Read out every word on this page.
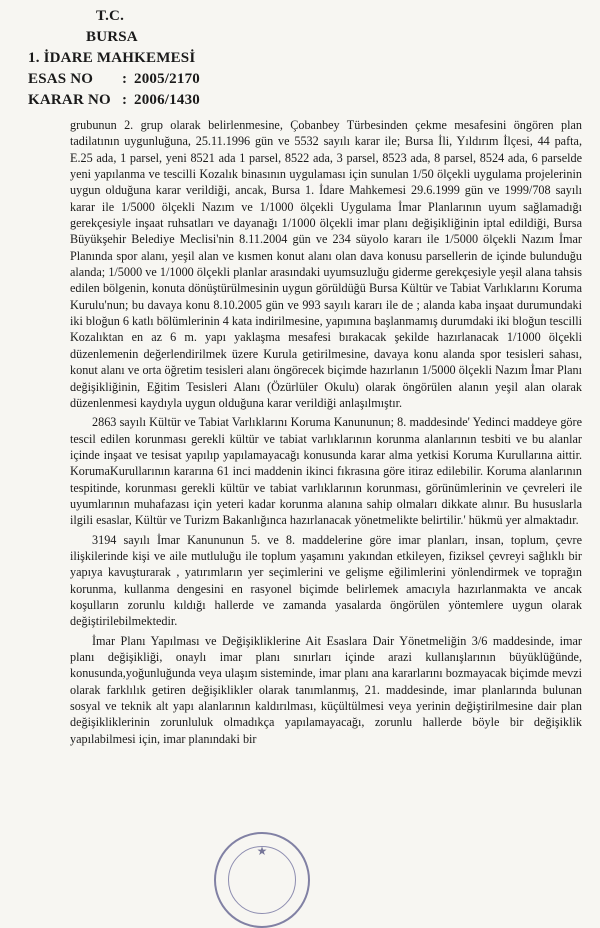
T.C.
BURSA
1. İDARE MAHKEMESİ
ESAS NO	: 2005/2170
KARAR NO : 2006/1430

grubunun 2. grup olarak belirlenmesine, Çobanbey Türbesinden çekme mesafesini öngören plan tadilatının uygunluğuna, 25.11.1996 gün ve 5532 sayılı karar ile; Bursa İli, Yıldırım İlçesi, 44 pafta, E.25 ada, 1 parsel, yeni 8521 ada 1 parsel, 8522 ada, 3 parsel, 8523 ada, 8 parsel, 8524 ada, 6 parselde yeni yapılanma ve tescilli Kozalık binasının uygulaması için sunulan 1/50 ölçekli uygulama projelerinin uygun olduğuna karar verildiği, ancak, Bursa 1. İdare Mahkemesi 29.6.1999 gün ve 1999/708 sayılı karar ile 1/5000 ölçekli Nazım ve 1/1000 ölçekli Uygulama İmar Planlarının uyum sağlamadığı gerekçesiyle inşaat ruhsatları ve dayanağı 1/1000 ölçekli imar planı değişikliğinin iptal edildiği, Bursa Büyükşehir Belediye Meclisi'nin 8.11.2004 gün ve 234 süyolo kararı ile 1/5000 ölçekli Nazım İmar Planında spor alanı, yeşil alan ve kısmen konut alanı olan dava konusu parsellerin de içinde bulunduğu alanda; 1/5000 ve 1/1000 ölçekli planlar arasındaki uyumsuzluğu giderme gerekçesiyle yeşil alana tahsis edilen bölgenin, konuta dönüştürülmesinin uygun görüldüğü Bursa Kültür ve Tabiat Varlıklarını Koruma Kurulu'nun; bu davaya konu 8.10.2005 gün ve 993 sayılı kararı ile de ; alanda kaba inşaat durumundaki iki bloğun 6 katlı bölümlerinin 4 kata indirilmesine, yapımına başlanmamış durumdaki iki bloğun tescilli Kozalıktan en az 6 m. yapı yaklaşma mesafesi bırakacak şekilde hazırlanacak 1/1000 ölçekli düzenlemenin değerlendirilmek üzere Kurula getirilmesine, davaya konu alanda spor tesisleri sahası, konut alanı ve orta öğretim tesisleri alanı öngörecek biçimde hazırlanın 1/5000 ölçekli Nazım İmar Planı değişikliğinin, Eğitim Tesisleri Alanı (Özürlüler Okulu) olarak öngörülen alanın yeşil alan olarak düzenlenmesi kaydıyla uygun olduğuna karar verildiği anlaşılmıştır.

2863 sayılı Kültür ve Tabiat Varlıklarını Koruma Kanununun; 8. maddesinde' Yedinci maddeye göre tescil edilen korunması gerekli kültür ve tabiat varlıklarının korunma alanlarının tesbiti ve bu alanlar içinde inşaat ve tesisat yapılıp yapılamayacağı konusunda karar alma yetkisi Koruma Kurullarına aittir. KorumaKurullarının kararına 61 inci maddenin ikinci fıkrasına göre itiraz edilebilir. Koruma alanlarının tespitinde, korunması gerekli kültür ve tabiat varlıklarının korunması, görünümlerinin ve çevreleri ile uyumlarının muhafazası için yeteri kadar korunma alanına sahip olmaları dikkate alınır. Bu hususlarla ilgili esaslar, Kültür ve Turizm Bakanlığınca hazırlanacak yönetmelikte belirtilir.' hükmü yer almaktadır.

3194 sayılı İmar Kanununun 5. ve 8. maddelerine göre imar planları, insan, toplum, çevre ilişkilerinde kişi ve aile mutluluğu ile toplum yaşamını yakından etkileyen, fiziksel çevreyi sağlıklı bir yapıya kavuşturarak , yatırımların yer seçimlerini ve gelişme eğilimlerini yönlendirmek ve toprağın korunma, kullanma dengesini en rasyonel biçimde belirlemek amacıyla hazırlanmakta ve ancak koşulların zorunlu kıldığı hallerde ve zamanda yasalarda öngörülen yöntemlere uygun olarak değiştirilebilmektedir.

İmar Planı Yapılması ve Değişikliklerine Ait Esaslara Dair Yönetmeliğin 3/6 maddesinde, imar planı değişikliği, onaylı imar planı sınırları içinde arazi kullanışlarının büyüklüğünde, konusunda,yoğunluğunda veya ulaşım sisteminde, imar planı ana kararlarını bozmayacak biçimde mevzi olarak farklılık getiren değişiklikler olarak tanımlanmış, 21. maddesinde, imar planlarında bulunan sosyal ve teknik alt yapı alanlarının kaldırılması, küçültülmesi veya yerinin değiştirilmesine dair plan değişikliklerinin zorunluluk olmadıkça yapılamayacağı, zorunlu hallerde böyle bir değişiklik yapılabilmesi için, imar planındaki bir

★
